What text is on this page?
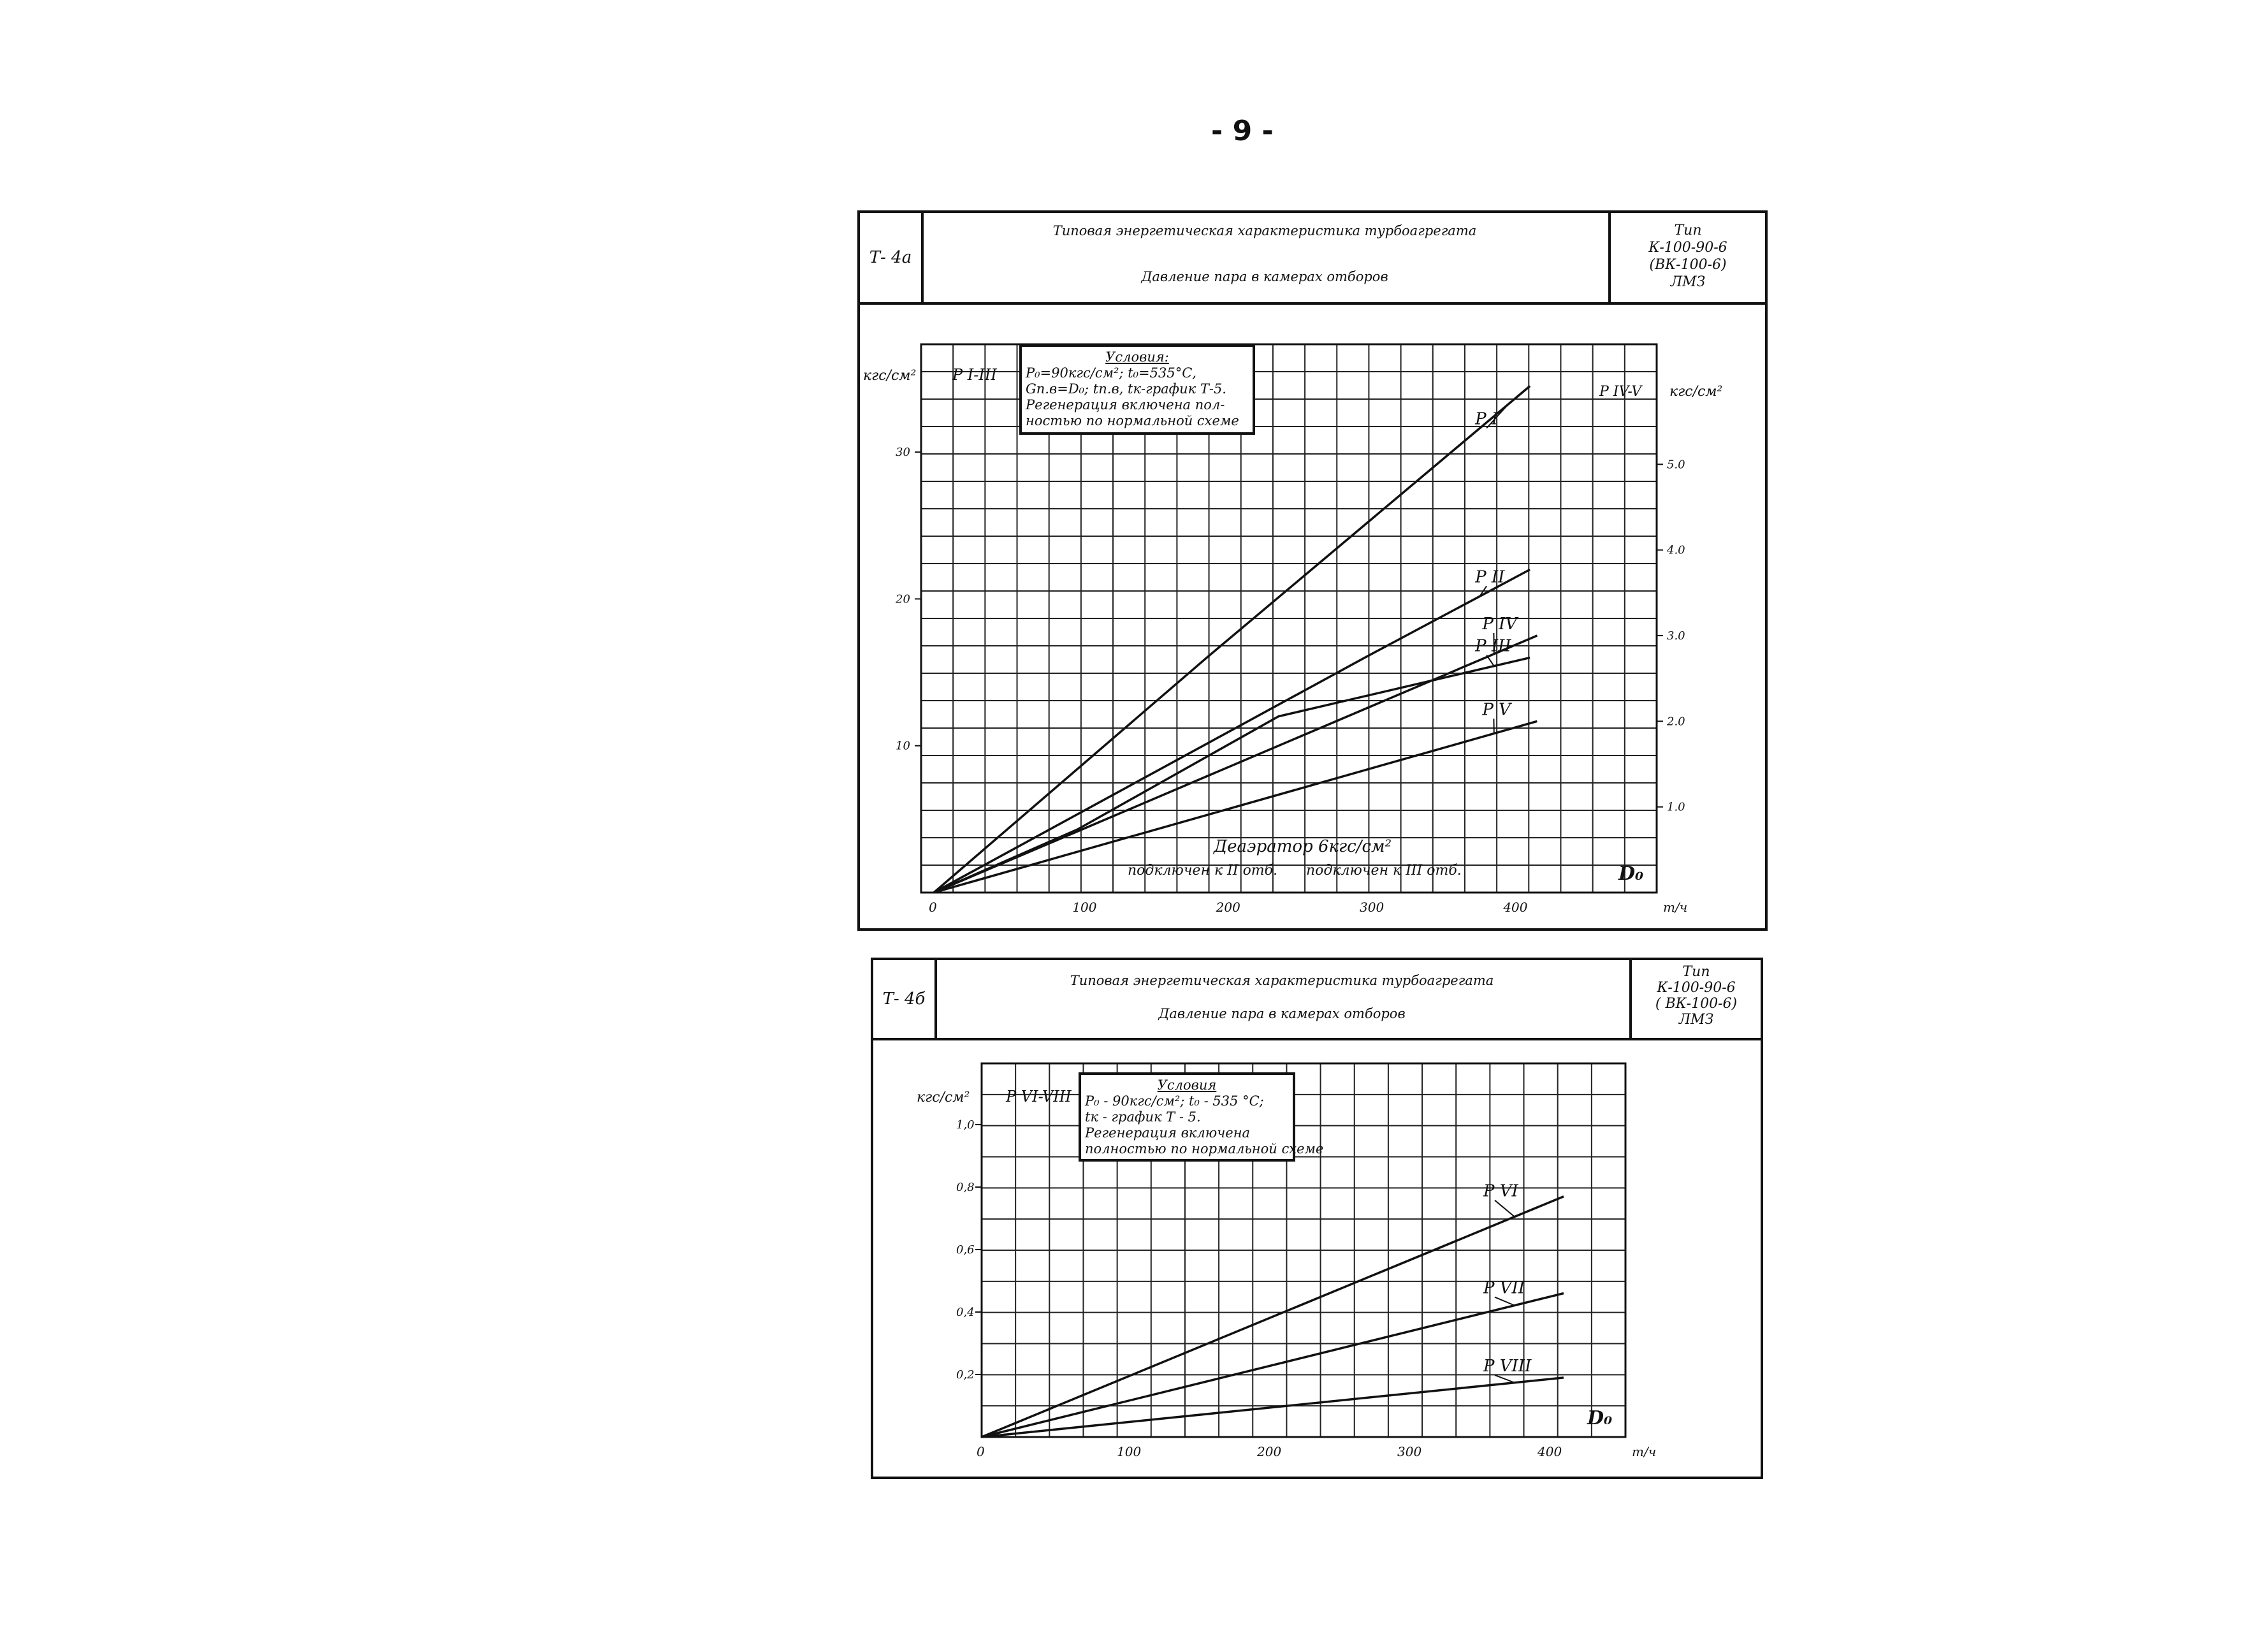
- 9 -
Т- 4а
Типовая энергетическая характеристика турбоагрегата
Давление пара в камерах отборов
Тип
К-100-90-6
(ВК-100-6)
ЛМЗ
0	100	200	300	400	т/ч
D₀
10
20
30
кгс/см² P I-III
1.0
2.0
3.0
4.0
5.0
P IV-V кгс/см²
P I
P II
P III
P IV
P V
Деаэратор 6кгс/см²
подключен к II отб. подключен к III отб.
Условия:
Р₀=90кгс/см²; t₀=535°С,
Gп.в=D₀; tп.в, tк-график Т-5.
Регенерация включена пол-
ностью по нормальной схеме
Т- 4б
Типовая энергетическая характеристика турбоагрегата
Давление пара в камерах отборов
Тип
К-100-90-6
( ВК-100-6)
ЛМЗ
0	100	200	300	400	т/ч
D₀
0,2
0,4
0,6
0,8
1,0
кгс/см² P VI-VIII
P VI
P VII
P VIII
Условия
Р₀ - 90кгс/см²; t₀ - 535 °С;
tк - график Т - 5.
Регенерация включена
полностью по нормальной схеме
